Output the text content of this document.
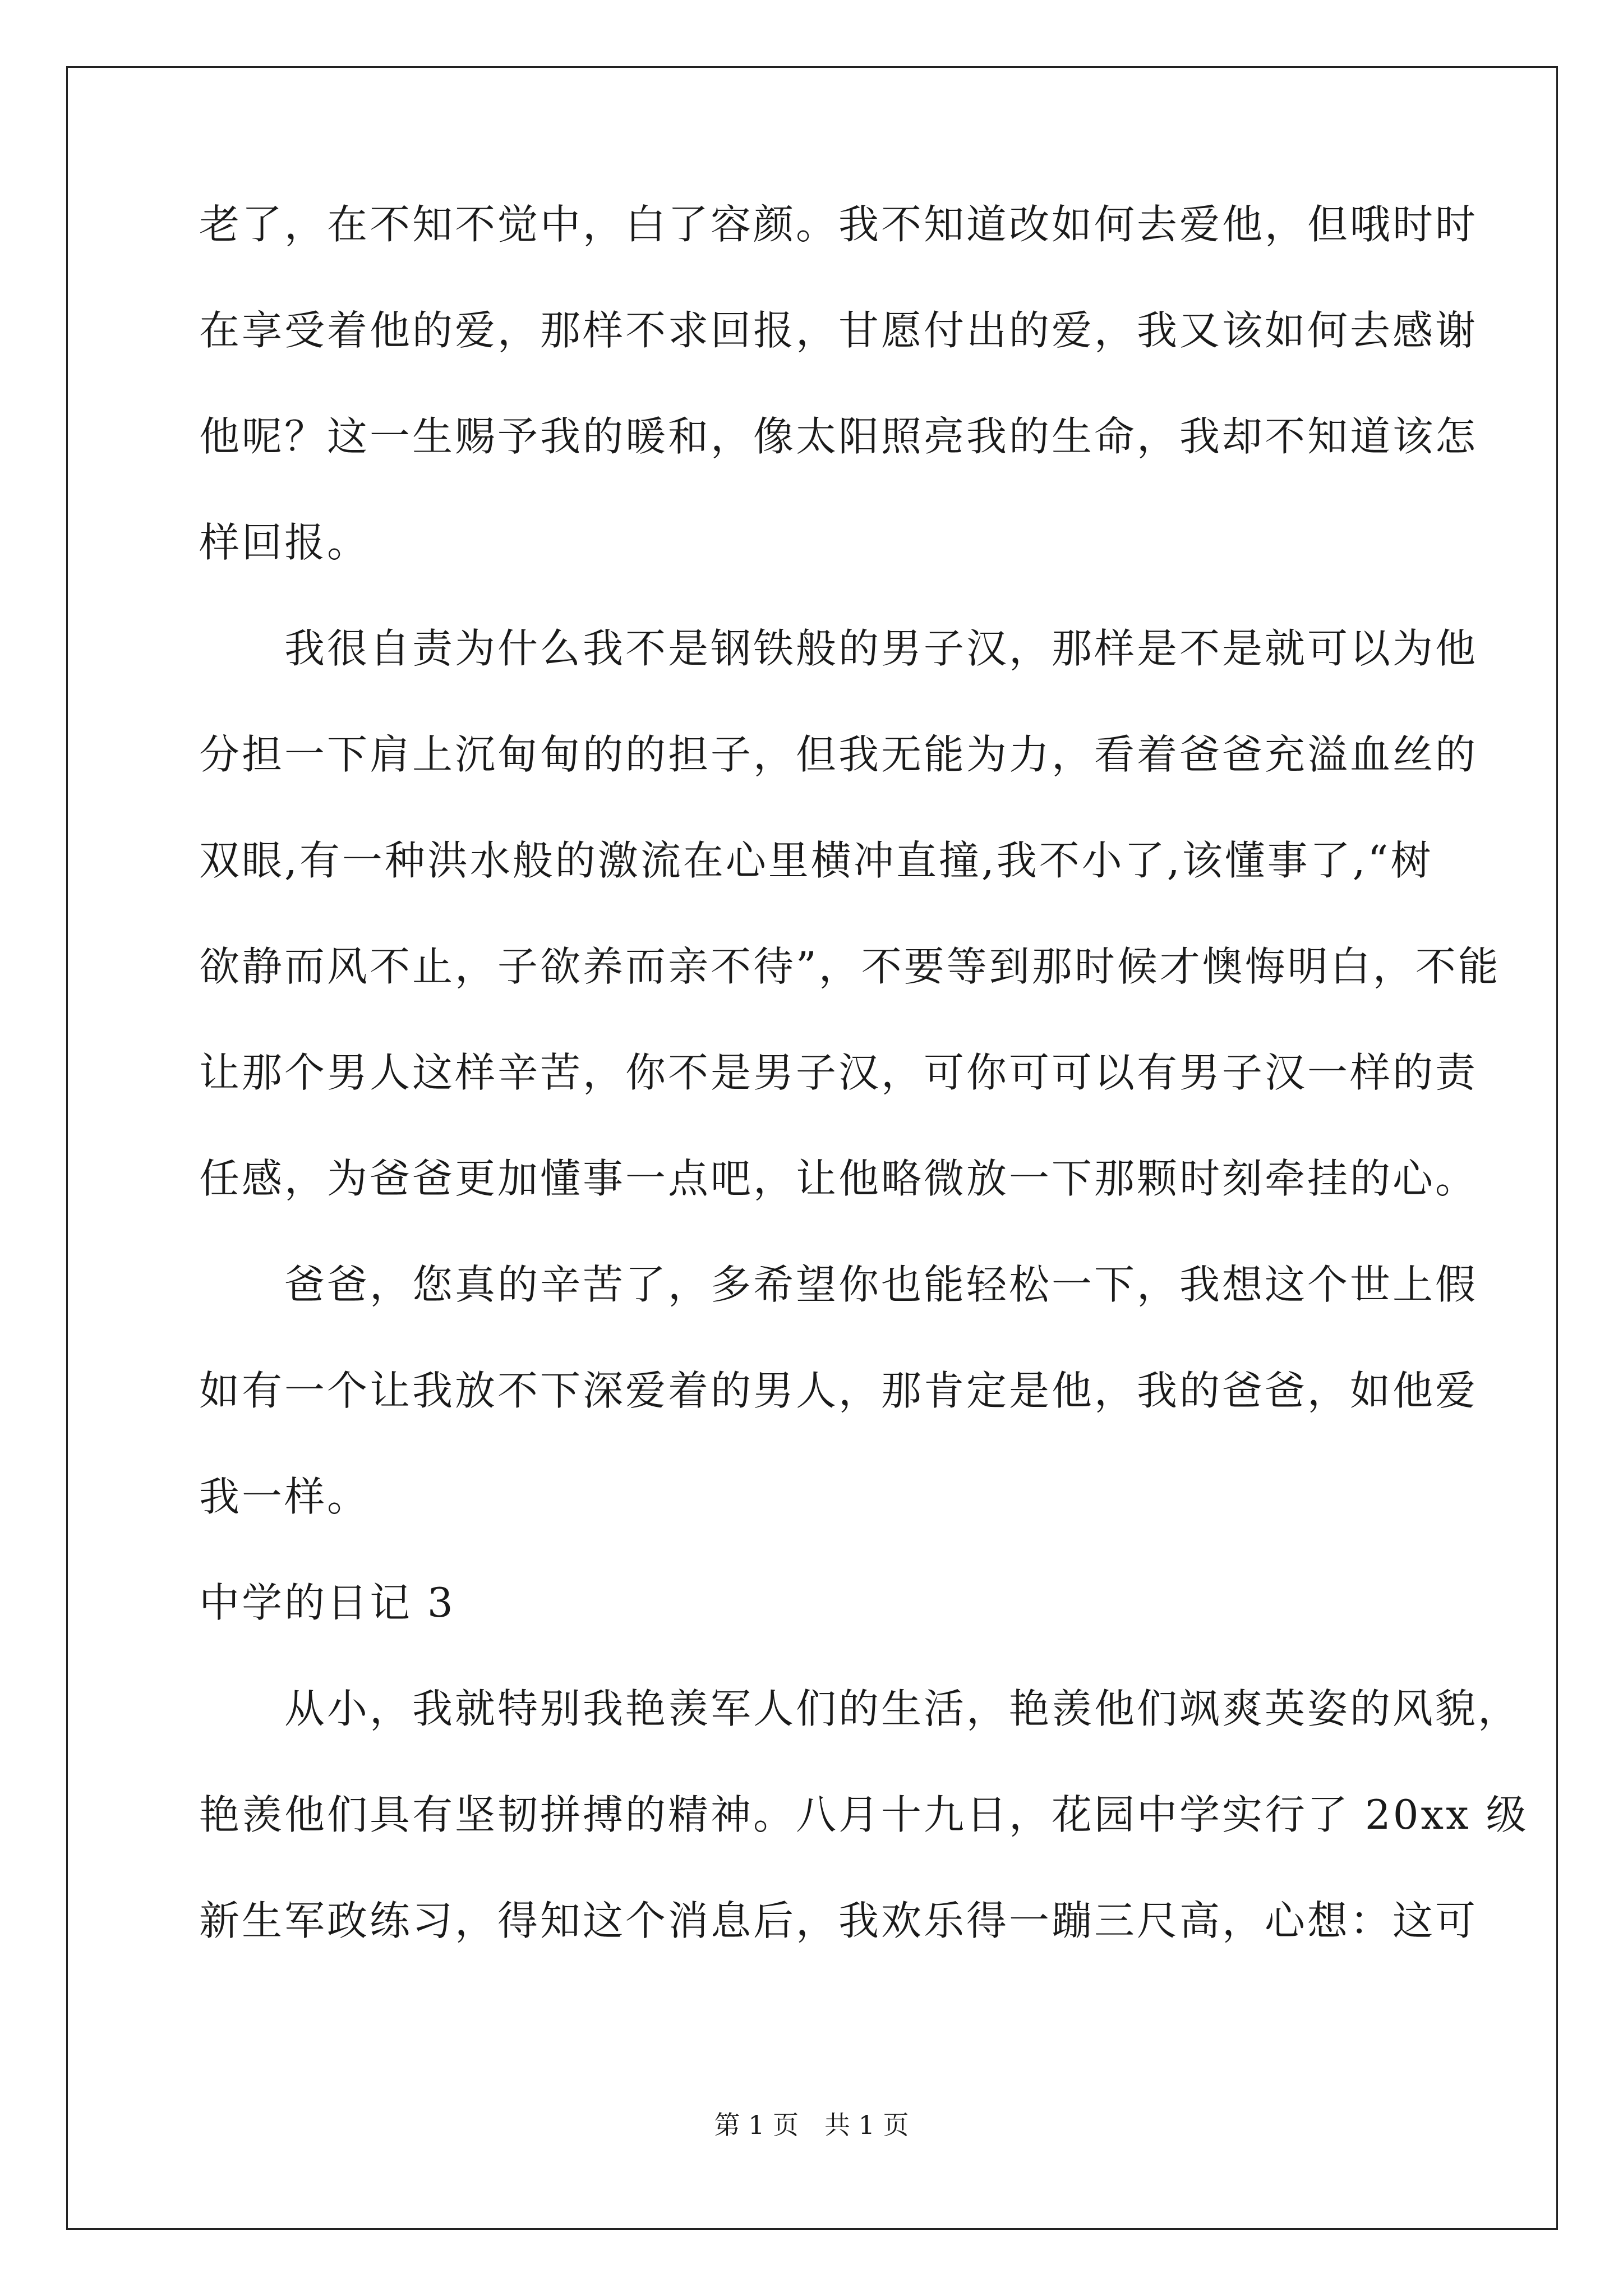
老了，在不知不觉中，白了容颜。我不知道改如何去爱他，但哦时时
在享受着他的爱，那样不求回报，甘愿付出的爱，我又该如何去感谢
他呢？这一生赐予我的暖和，像太阳照亮我的生命，我却不知道该怎
样回报。
　　我很自责为什么我不是钢铁般的男子汉，那样是不是就可以为他
分担一下肩上沉甸甸的的担子，但我无能为力，看着爸爸充溢血丝的
双眼,有一种洪水般的激流在心里横冲直撞,我不小了,该懂事了,“树
欲静而风不止，子欲养而亲不待”，不要等到那时候才懊悔明白，不能
让那个男人这样辛苦，你不是男子汉，可你可可以有男子汉一样的责
任感，为爸爸更加懂事一点吧，让他略微放一下那颗时刻牵挂的心。
　　爸爸，您真的辛苦了，多希望你也能轻松一下，我想这个世上假
如有一个让我放不下深爱着的男人，那肯定是他，我的爸爸，如他爱
我一样。
中学的日记 3
　　从小，我就特别我艳羡军人们的生活，艳羡他们飒爽英姿的风貌，
艳羡他们具有坚韧拼搏的精神。八月十九日，花园中学实行了 20xx 级
新生军政练习，得知这个消息后，我欢乐得一蹦三尺高，心想：这可
第 1 页　共 1 页
